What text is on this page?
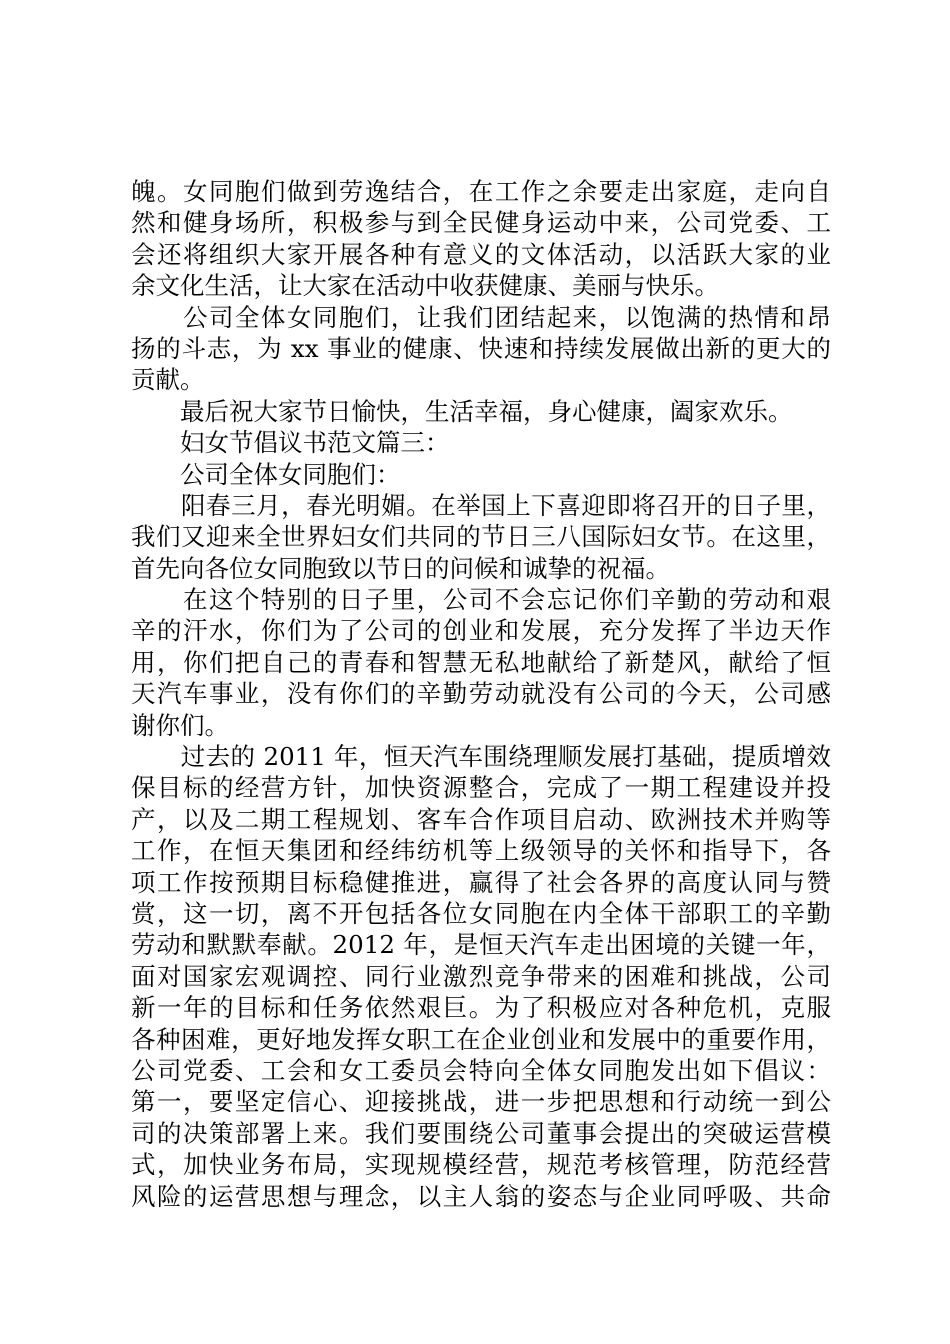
魄。女同胞们做到劳逸结合，在工作之余要走出家庭，走向自
然和健身场所，积极参与到全民健身运动中来，公司党委、工
会还将组织大家开展各种有意义的文体活动，以活跃大家的业
余文化生活，让大家在活动中收获健康、美丽与快乐。
　　公司全体女同胞们，让我们团结起来，以饱满的热情和昂
扬的斗志，为 xx 事业的健康、快速和持续发展做出新的更大的
贡献。
　　最后祝大家节日愉快，生活幸福，身心健康，阖家欢乐。
　　妇女节倡议书范文篇三：
　　公司全体女同胞们：
　　阳春三月，春光明媚。在举国上下喜迎即将召开的日子里，
我们又迎来全世界妇女们共同的节日三八国际妇女节。在这里，
首先向各位女同胞致以节日的问候和诚挚的祝福。
　　在这个特别的日子里，公司不会忘记你们辛勤的劳动和艰
辛的汗水，你们为了公司的创业和发展，充分发挥了半边天作
用，你们把自己的青春和智慧无私地献给了新楚风，献给了恒
天汽车事业，没有你们的辛勤劳动就没有公司的今天，公司感
谢你们。
　　过去的 2011 年，恒天汽车围绕理顺发展打基础，提质增效
保目标的经营方针，加快资源整合，完成了一期工程建设并投
产，以及二期工程规划、客车合作项目启动、欧洲技术并购等
工作，在恒天集团和经纬纺机等上级领导的关怀和指导下，各
项工作按预期目标稳健推进，赢得了社会各界的高度认同与赞
赏，这一切，离不开包括各位女同胞在内全体干部职工的辛勤
劳动和默默奉献。2012 年，是恒天汽车走出困境的关键一年，
面对国家宏观调控、同行业激烈竞争带来的困难和挑战，公司
新一年的目标和任务依然艰巨。为了积极应对各种危机，克服
各种困难，更好地发挥女职工在企业创业和发展中的重要作用，
公司党委、工会和女工委员会特向全体女同胞发出如下倡议：
第一，要坚定信心、迎接挑战，进一步把思想和行动统一到公
司的决策部署上来。我们要围绕公司董事会提出的突破运营模
式，加快业务布局，实现规模经营，规范考核管理，防范经营
风险的运营思想与理念，以主人翁的姿态与企业同呼吸、共命
